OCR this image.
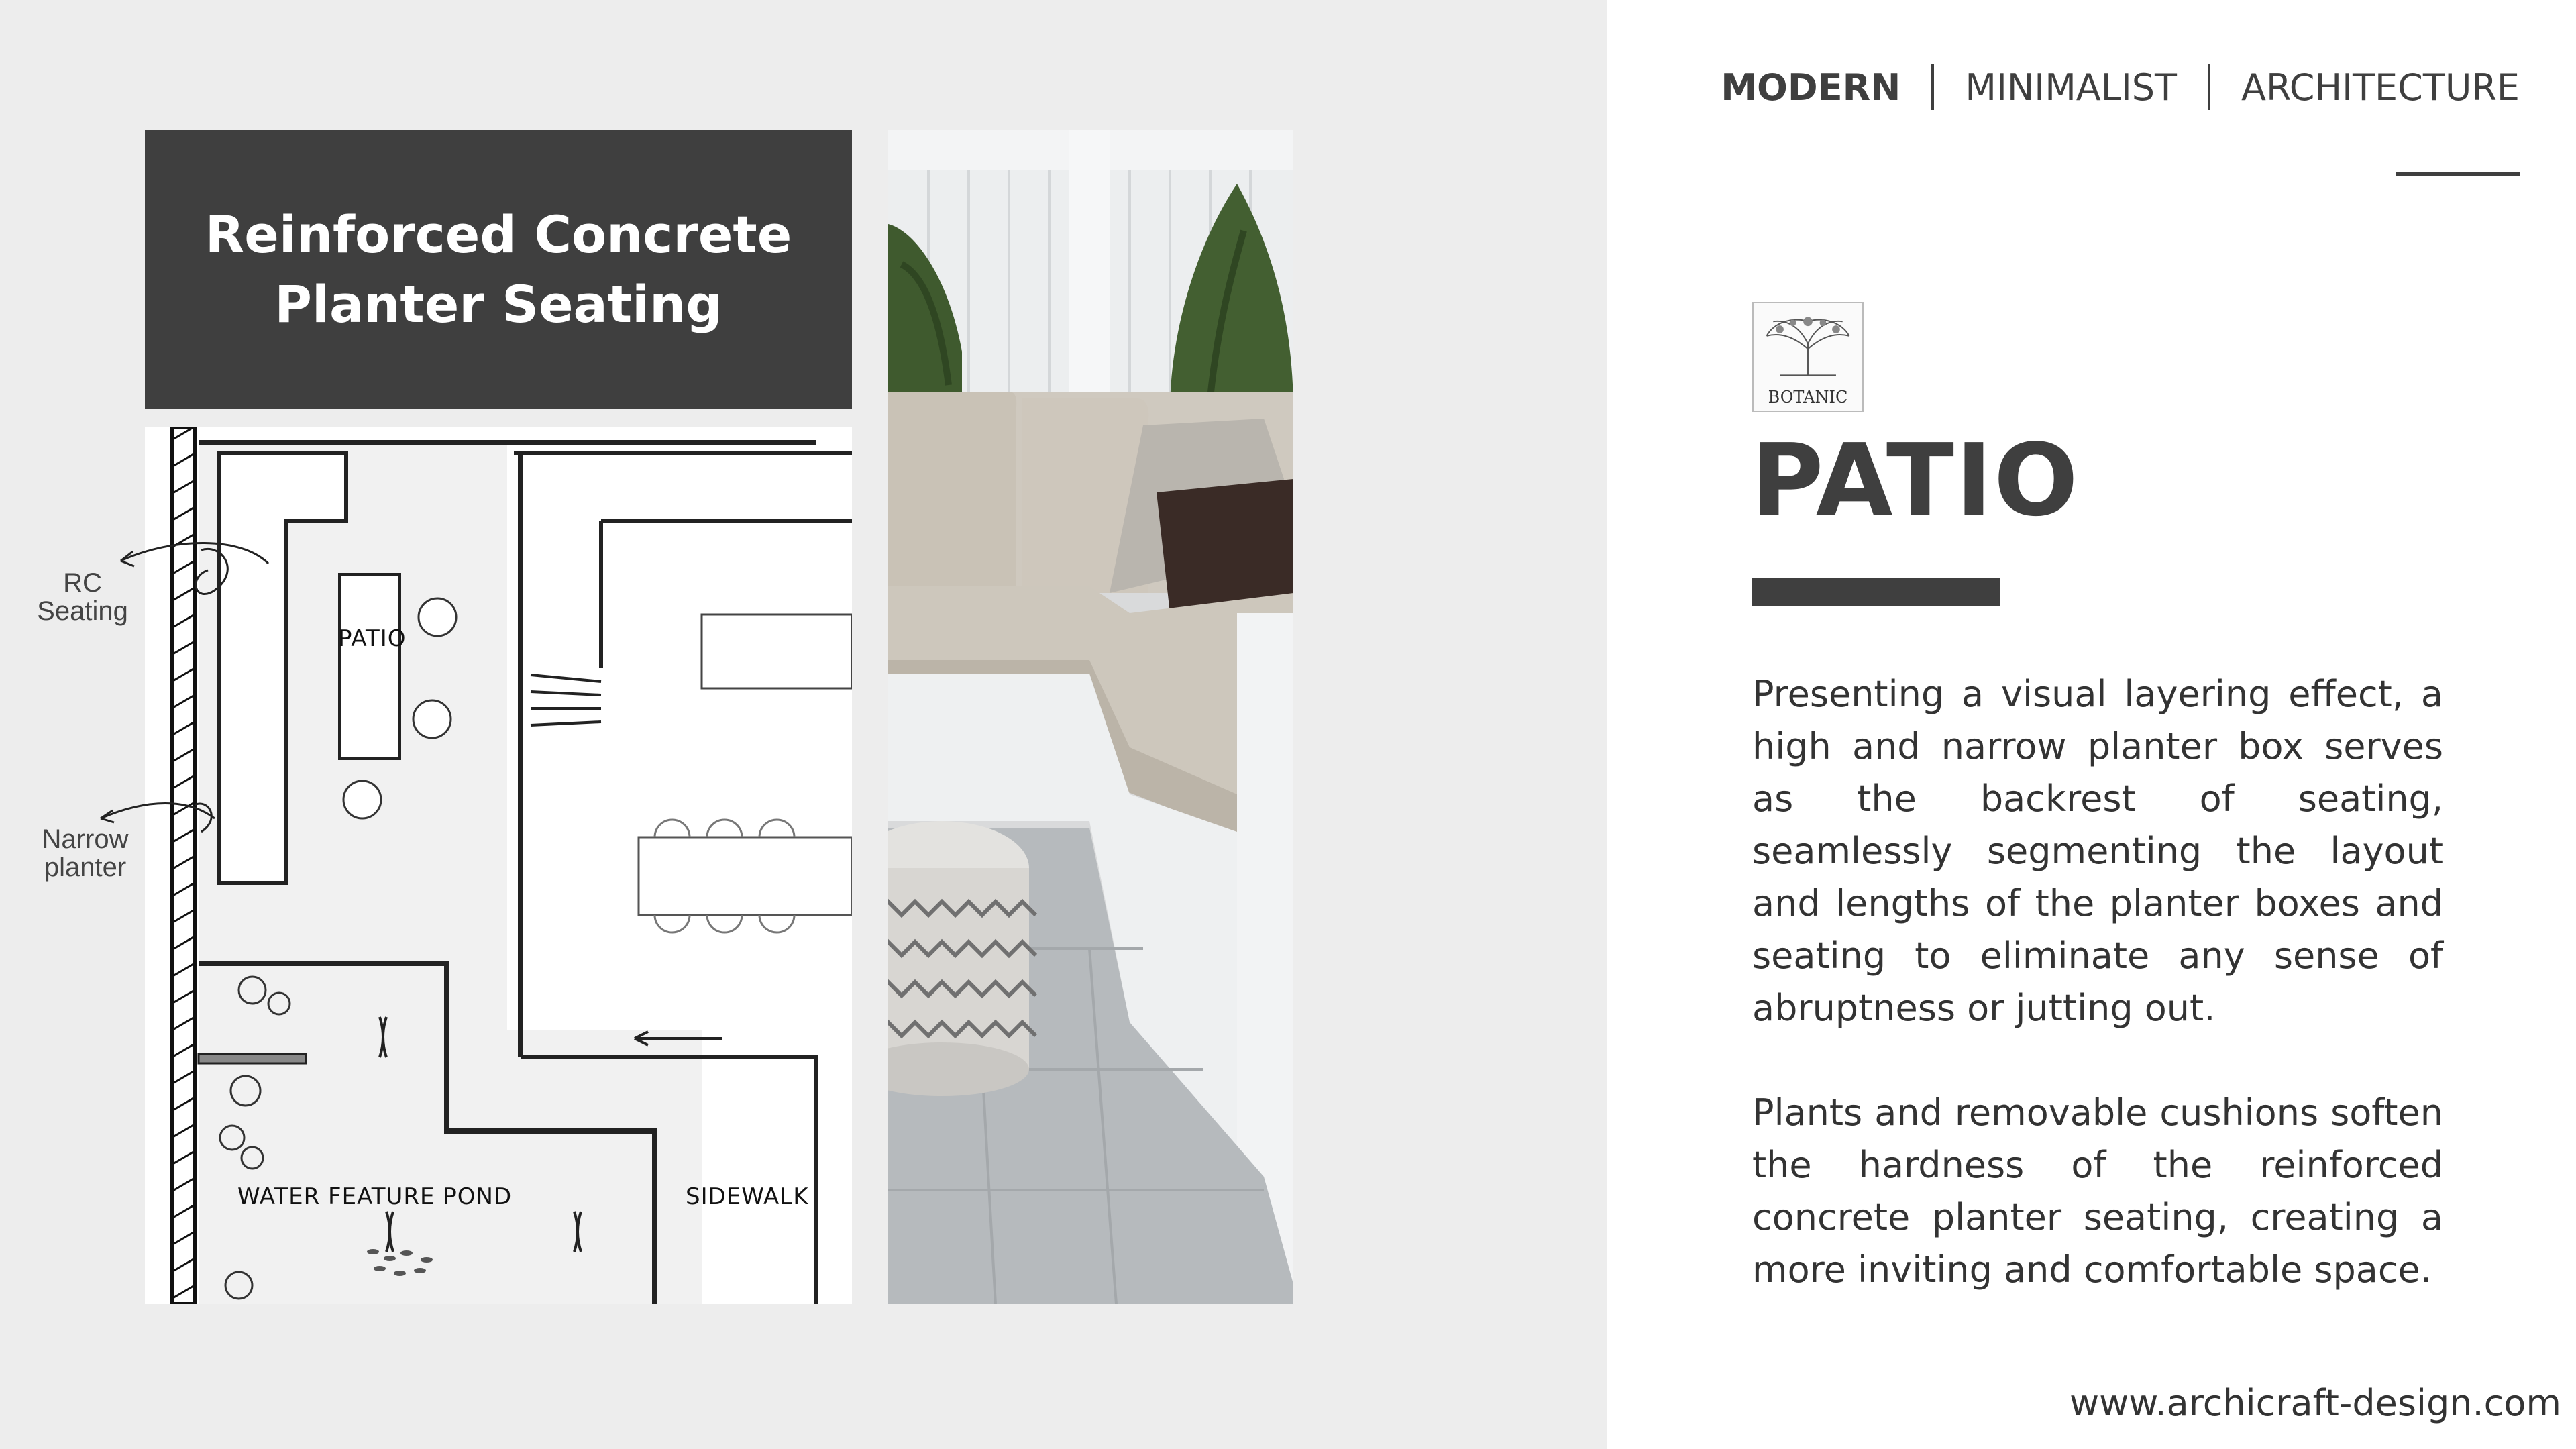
Reinforced Concrete
Planter Seating
PATIO
WATER FEATURE POND	SIDEWALK
RC
Seating
Narrow
planter
MODERN MINIMALIST ARCHITECTURE
BOTANIC
PATIO

Presenting a visual layering effect, a high and narrow planter box serves as the backrest of seating, seamlessly segmenting the layout and lengths of the planter boxes and seating to eliminate any sense of abruptness or jutting out.

Plants and removable cushions soften the hardness of the reinforced concrete planter seating, creating a more inviting and comfortable space.

www.archicraft-design.com
